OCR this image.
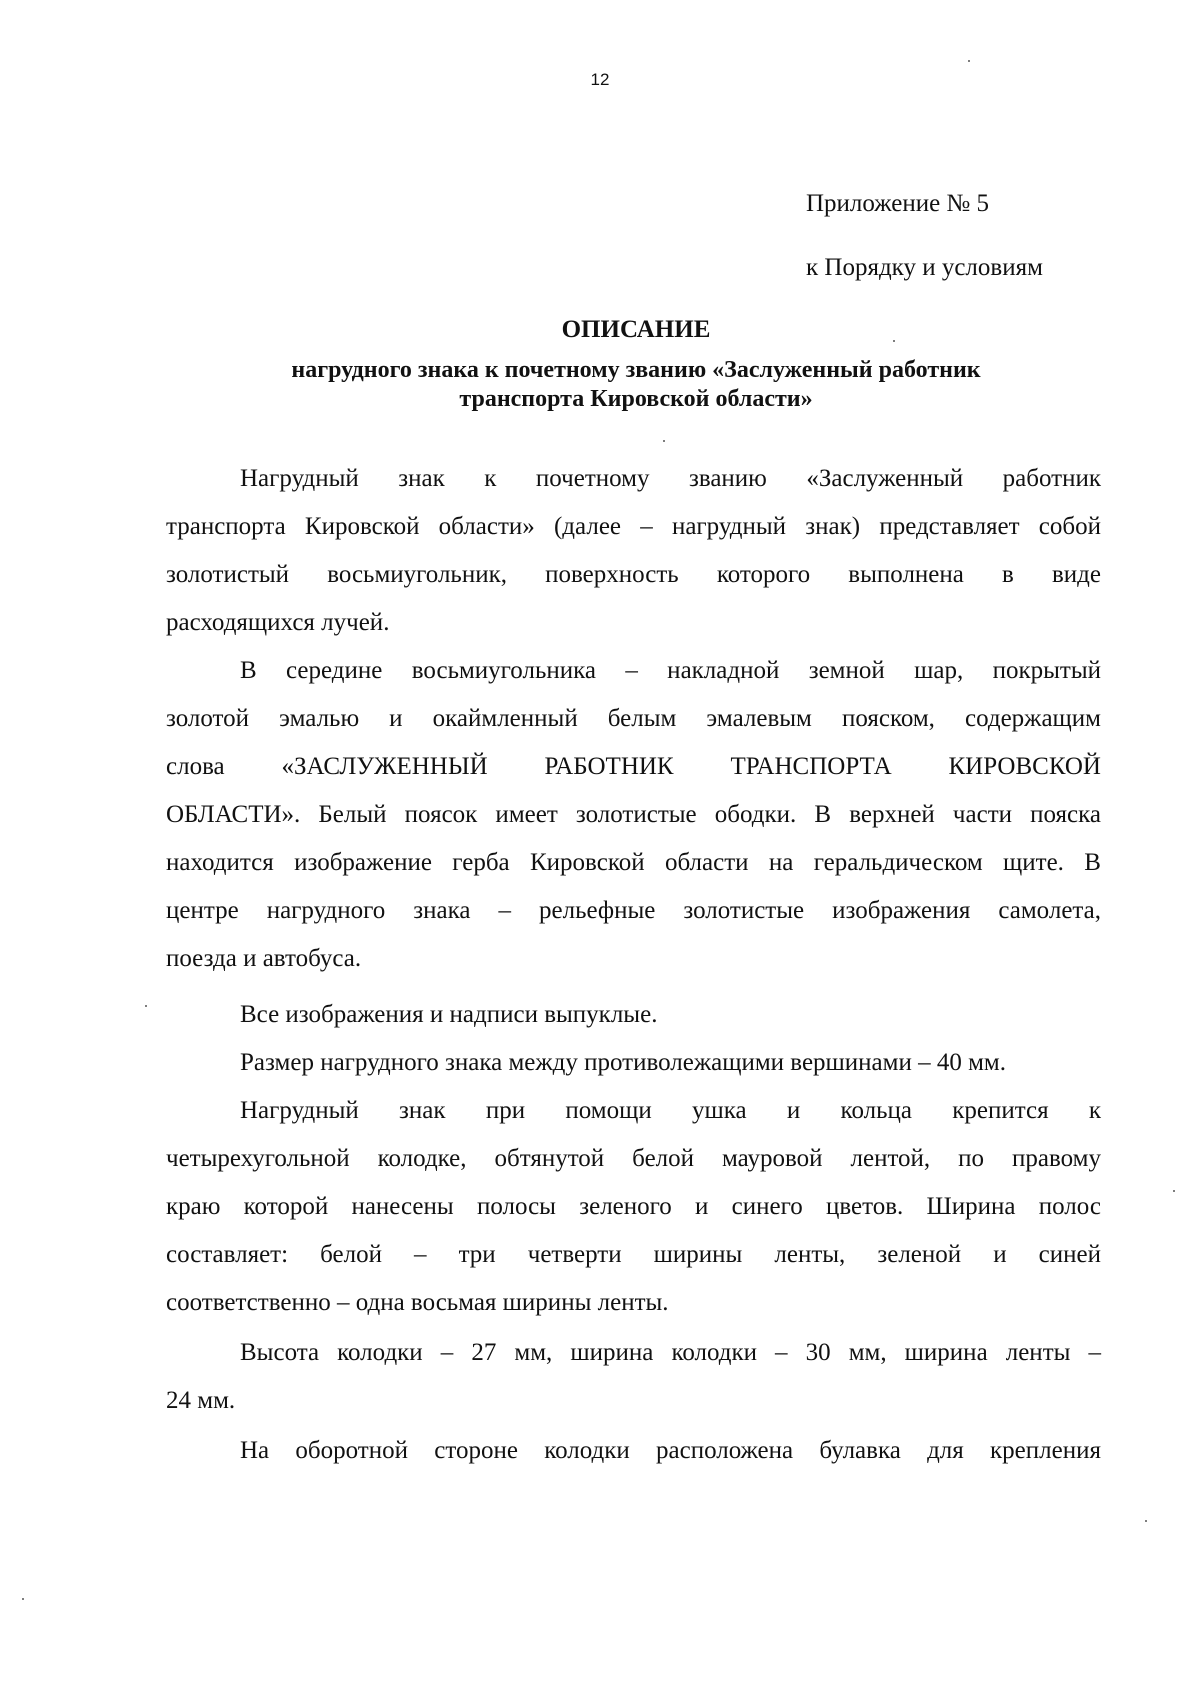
12
Приложение № 5
к Порядку и условиям
ОПИСАНИЕ
нагрудного знака к почетному званию «Заслуженный работник
транспорта Кировской области»
Нагрудный знак к почетному званию «Заслуженный работник
транспорта Кировской области» (далее – нагрудный знак) представляет собой
золотистый восьмиугольник, поверхность которого выполнена в виде
расходящихся лучей.
В середине восьмиугольника – накладной земной шар, покрытый
золотой эмалью и окаймленный белым эмалевым пояском, содержащим
слова «ЗАСЛУЖЕННЫЙ РАБОТНИК ТРАНСПОРТА КИРОВСКОЙ
ОБЛАСТИ». Белый поясок имеет золотистые ободки. В верхней части пояска
находится изображение герба Кировской области на геральдическом щите. В
центре нагрудного знака – рельефные золотистые изображения самолета,
поезда и автобуса.
Все изображения и надписи выпуклые.
Размер нагрудного знака между противолежащими вершинами – 40 мм.
Нагрудный знак при помощи ушка и кольца крепится к
четырехугольной колодке, обтянутой белой мауровой лентой, по правому
краю которой нанесены полосы зеленого и синего цветов. Ширина полос
составляет: белой – три четверти ширины ленты, зеленой и синей
соответственно – одна восьмая ширины ленты.
Высота колодки – 27 мм, ширина колодки – 30 мм, ширина ленты –
24 мм.
На оборотной стороне колодки расположена булавка для крепления
